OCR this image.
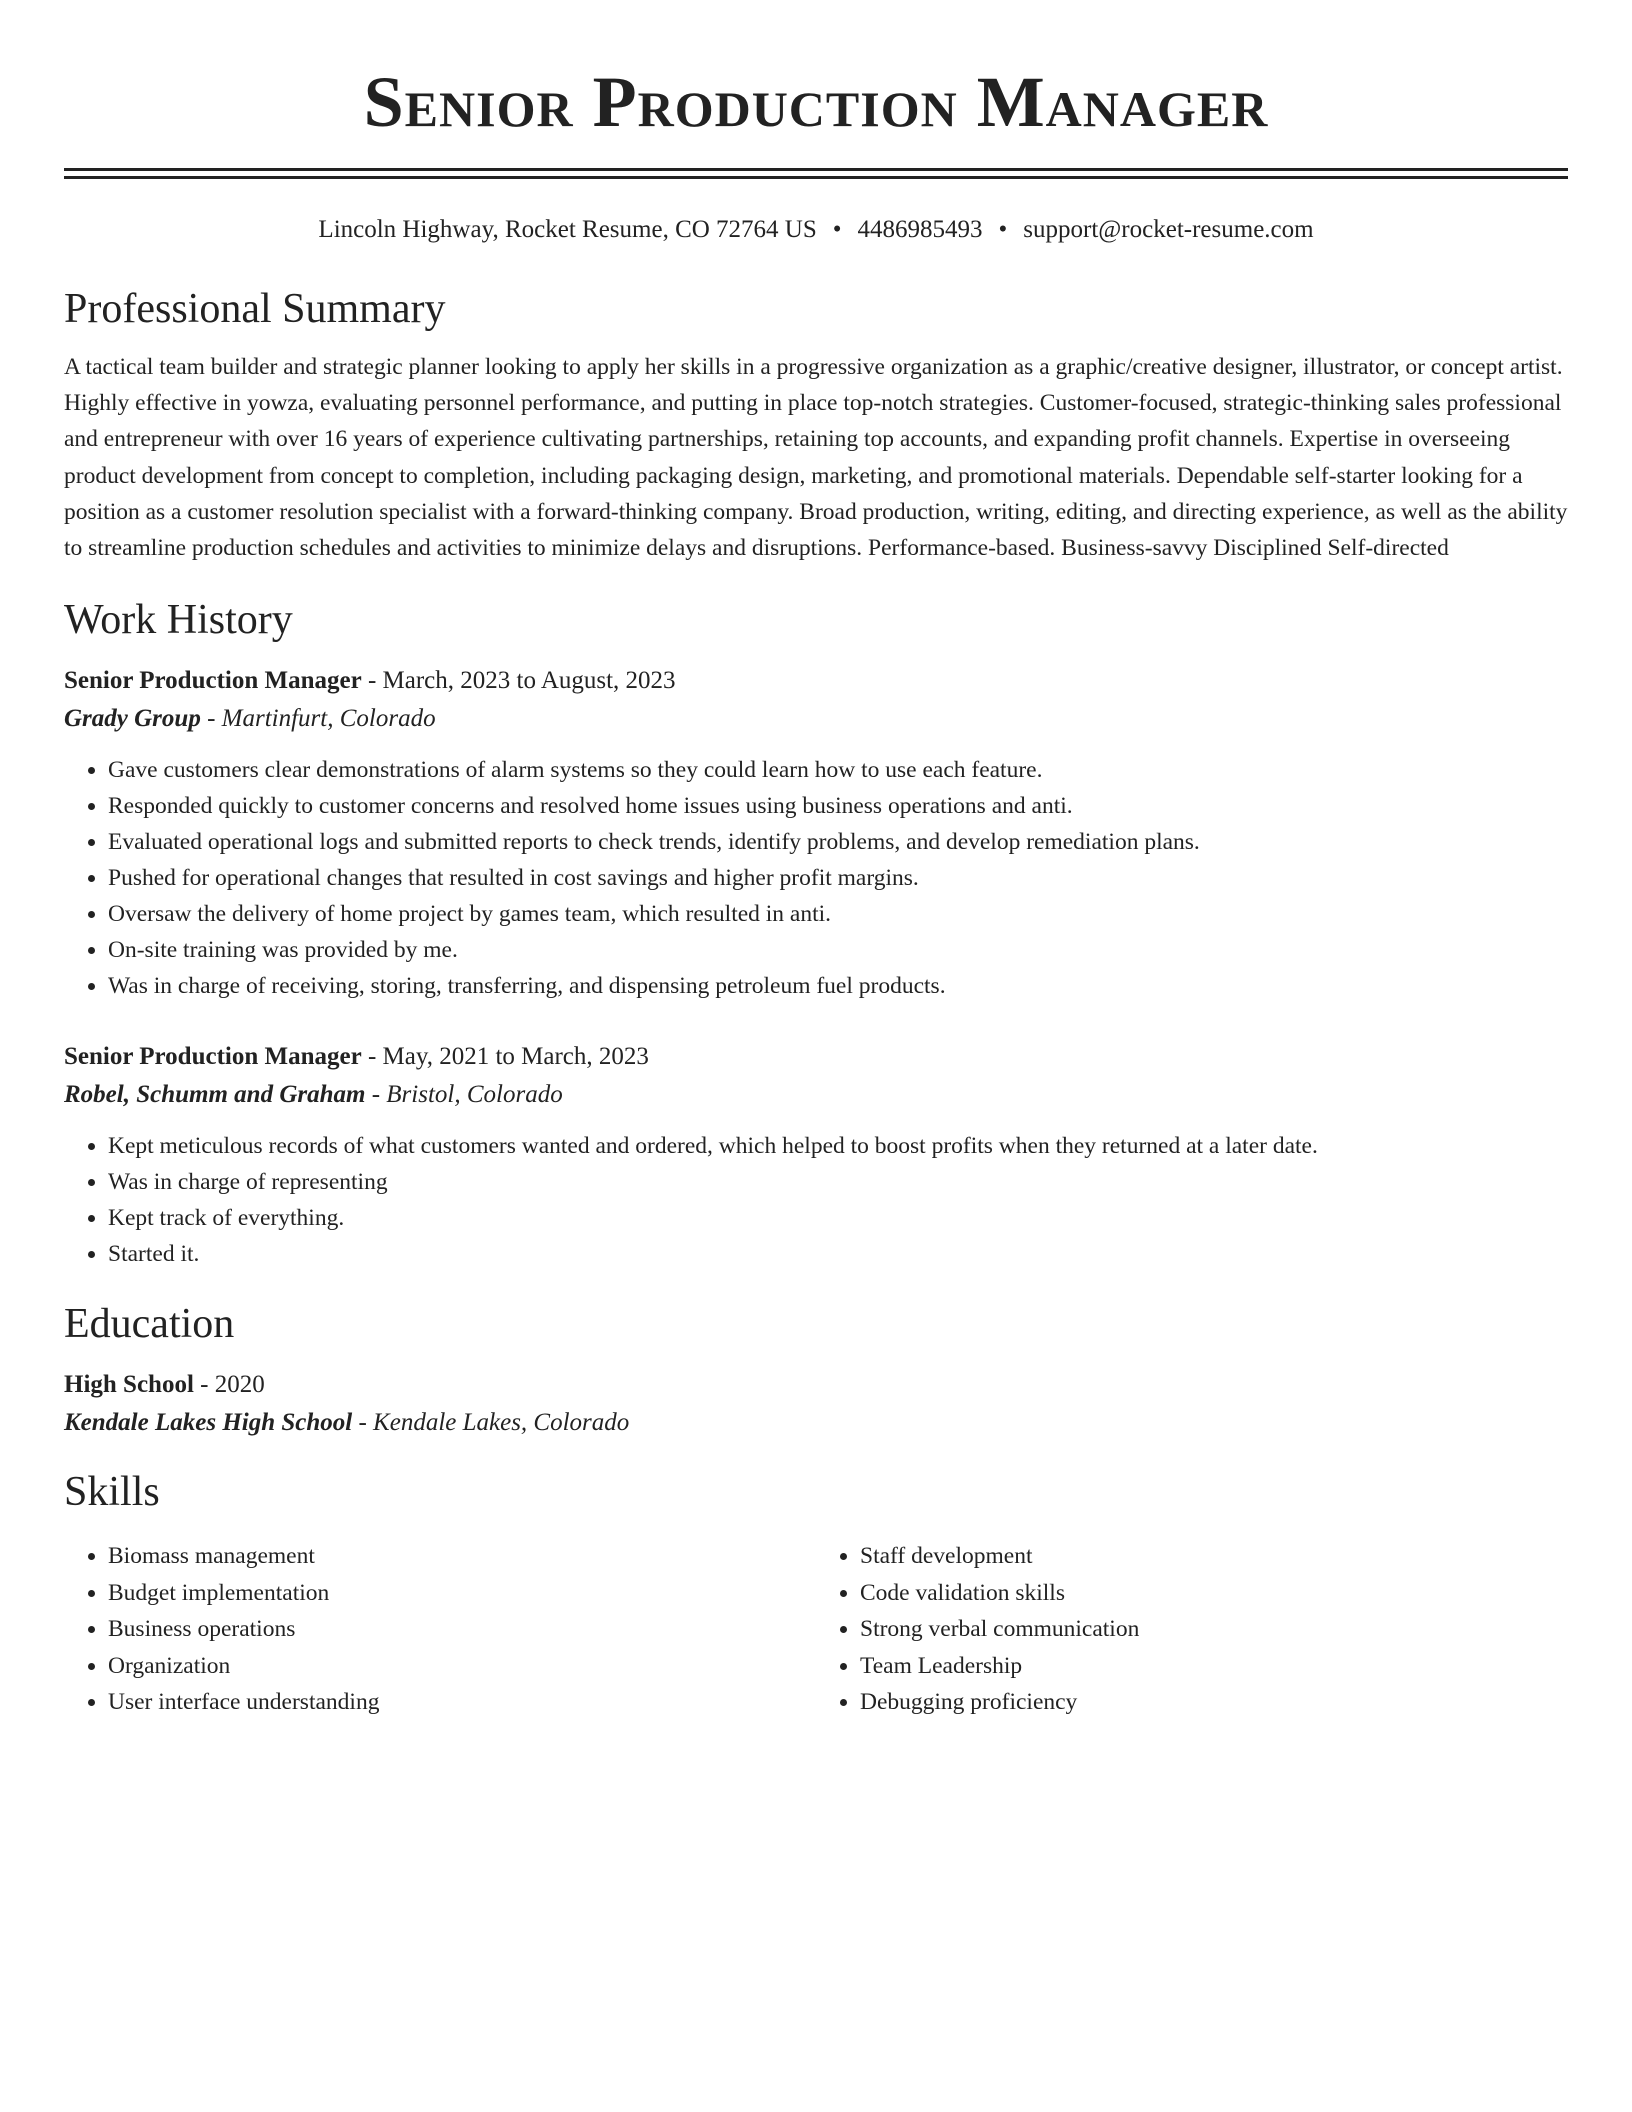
Senior Production Manager
Lincoln Highway, Rocket Resume, CO 72764 US • 4486985493 • support@rocket-resume.com
Professional Summary

A tactical team builder and strategic planner looking to apply her skills in a progressive organization as a graphic/creative designer, illustrator, or concept artist. Highly effective in yowza, evaluating personnel performance, and putting in place top-notch strategies. Customer-focused, strategic-thinking sales professional and entrepreneur with over 16 years of experience cultivating partnerships, retaining top accounts, and expanding profit channels. Expertise in overseeing product development from concept to completion, including packaging design, marketing, and promotional materials. Dependable self-starter looking for a position as a customer resolution specialist with a forward-thinking company. Broad production, writing, editing, and directing experience, as well as the ability to streamline production schedules and activities to minimize delays and disruptions. Performance-based. Business-savvy Disciplined Self-directed

Work History
Senior Production Manager - March, 2023 to August, 2023
Grady Group - Martinfurt, Colorado
• Gave customers clear demonstrations of alarm systems so they could learn how to use each feature.
• Responded quickly to customer concerns and resolved home issues using business operations and anti.
• Evaluated operational logs and submitted reports to check trends, identify problems, and develop remediation plans.
• Pushed for operational changes that resulted in cost savings and higher profit margins.
• Oversaw the delivery of home project by games team, which resulted in anti.
• On-site training was provided by me.
• Was in charge of receiving, storing, transferring, and dispensing petroleum fuel products.
Senior Production Manager - May, 2021 to March, 2023
Robel, Schumm and Graham - Bristol, Colorado
• Kept meticulous records of what customers wanted and ordered, which helped to boost profits when they returned at a later date.
• Was in charge of representing
• Kept track of everything.
• Started it.
Education
High School - 2020
Kendale Lakes High School - Kendale Lakes, Colorado
Skills
• Biomass management
• Budget implementation
• Business operations
• Organization
• User interface understanding
• Staff development
• Code validation skills
• Strong verbal communication
• Team Leadership
• Debugging proficiency
